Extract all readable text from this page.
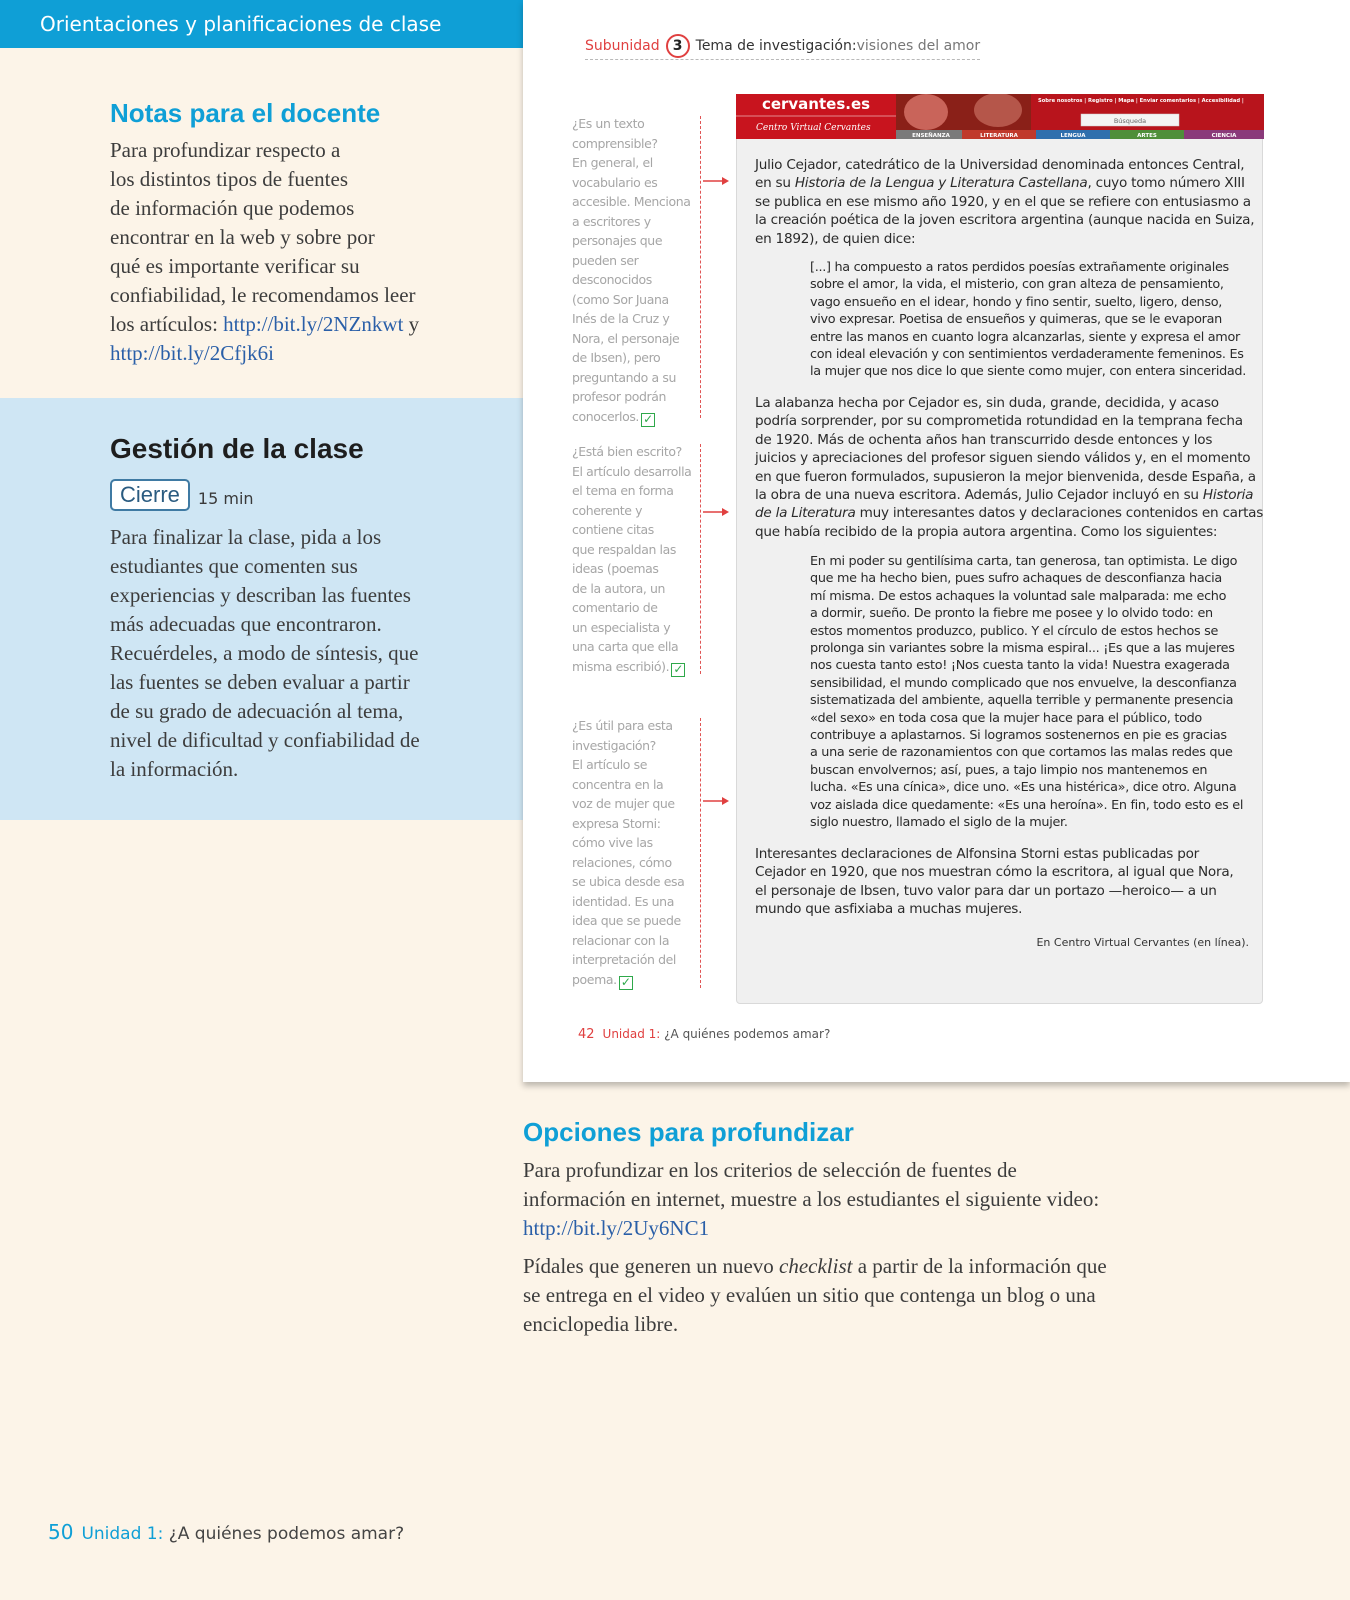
Orientaciones y planificaciones de clase
Notas para el docente
Para profundizar respecto a
los distintos tipos de fuentes
de información que podemos
encontrar en la web y sobre por
qué es importante verificar su
confiabilidad, le recomendamos leer
los artículos: http://bit.ly/2NZnkwt y
http://bit.ly/2Cfjk6i
Gestión de la clase
Cierre	15 min
Para finalizar la clase, pida a los
estudiantes que comenten sus
experiencias y describan las fuentes
más adecuadas que encontraron.
Recuérdeles, a modo de síntesis, que
las fuentes se deben evaluar a partir
de su grado de adecuación al tema,
nivel de dificultad y confiabilidad de
la información.
Subunidad 3 Tema de investigación: visiones del amor
¿Es un texto
comprensible?
En general, el
vocabulario es
accesible. Menciona
a escritores y
personajes que
pueden ser
desconocidos
(como Sor Juana
Inés de la Cruz y
Nora, el personaje
de Ibsen), pero
preguntando a su
profesor podrán
conocerlos. ✓
¿Está bien escrito?
El artículo desarrolla
el tema en forma
coherente y
contiene citas
que respaldan las
ideas (poemas
de la autora, un
comentario de
un especialista y
una carta que ella
misma escribió). ✓
¿Es útil para esta
investigación?
El artículo se
concentra en la
voz de mujer que
expresa Storni:
cómo vive las
relaciones, cómo
se ubica desde esa
identidad. Es una
idea que se puede
relacionar con la
interpretación del
poema. ✓
cervantes.es
Centro Virtual Cervantes
Sobre nosotros | Registro | Mapa | Enviar comentarios | Accesibilidad |
Búsqueda
ENSEÑANZA	LITERATURA	LENGUA	ARTES	CIENCIA
Julio Cejador, catedrático de la Universidad denominada entonces Central,
en su Historia de la Lengua y Literatura Castellana, cuyo tomo número XIII
se publica en ese mismo año 1920, y en el que se refiere con entusiasmo a
la creación poética de la joven escritora argentina (aunque nacida en Suiza,
en 1892), de quien dice:
[...] ha compuesto a ratos perdidos poesías extrañamente originales
sobre el amor, la vida, el misterio, con gran alteza de pensamiento,
vago ensueño en el idear, hondo y fino sentir, suelto, ligero, denso,
vivo expresar. Poetisa de ensueños y quimeras, que se le evaporan
entre las manos en cuanto logra alcanzarlas, siente y expresa el amor
con ideal elevación y con sentimientos verdaderamente femeninos. Es
la mujer que nos dice lo que siente como mujer, con entera sinceridad.
La alabanza hecha por Cejador es, sin duda, grande, decidida, y acaso
podría sorprender, por su comprometida rotundidad en la temprana fecha
de 1920. Más de ochenta años han transcurrido desde entonces y los
juicios y apreciaciones del profesor siguen siendo válidos y, en el momento
en que fueron formulados, supusieron la mejor bienvenida, desde España, a
la obra de una nueva escritora. Además, Julio Cejador incluyó en su Historia
de la Literatura muy interesantes datos y declaraciones contenidos en cartas
que había recibido de la propia autora argentina. Como los siguientes:
En mi poder su gentilísima carta, tan generosa, tan optimista. Le digo
que me ha hecho bien, pues sufro achaques de desconfianza hacia
mí misma. De estos achaques la voluntad sale malparada: me echo
a dormir, sueño. De pronto la fiebre me posee y lo olvido todo: en
estos momentos produzco, publico. Y el círculo de estos hechos se
prolonga sin variantes sobre la misma espiral... ¡Es que a las mujeres
nos cuesta tanto esto! ¡Nos cuesta tanto la vida! Nuestra exagerada
sensibilidad, el mundo complicado que nos envuelve, la desconfianza
sistematizada del ambiente, aquella terrible y permanente presencia
«del sexo» en toda cosa que la mujer hace para el público, todo
contribuye a aplastarnos. Si logramos sostenernos en pie es gracias
a una serie de razonamientos con que cortamos las malas redes que
buscan envolvernos; así, pues, a tajo limpio nos mantenemos en
lucha. «Es una cínica», dice uno. «Es una histérica», dice otro. Alguna
voz aislada dice quedamente: «Es una heroína». En fin, todo esto es el
siglo nuestro, llamado el siglo de la mujer.
Interesantes declaraciones de Alfonsina Storni estas publicadas por
Cejador en 1920, que nos muestran cómo la escritora, al igual que Nora,
el personaje de Ibsen, tuvo valor para dar un portazo —heroico— a un
mundo que asfixiaba a muchas mujeres.
En Centro Virtual Cervantes (en línea).
42 Unidad 1: ¿A quiénes podemos amar?
Opciones para profundizar
Para profundizar en los criterios de selección de fuentes de
información en internet, muestre a los estudiantes el siguiente video:
http://bit.ly/2Uy6NC1
Pídales que generen un nuevo checklist a partir de la información que
se entrega en el video y evalúen un sitio que contenga un blog o una
enciclopedia libre.
50 Unidad 1: ¿A quiénes podemos amar?
